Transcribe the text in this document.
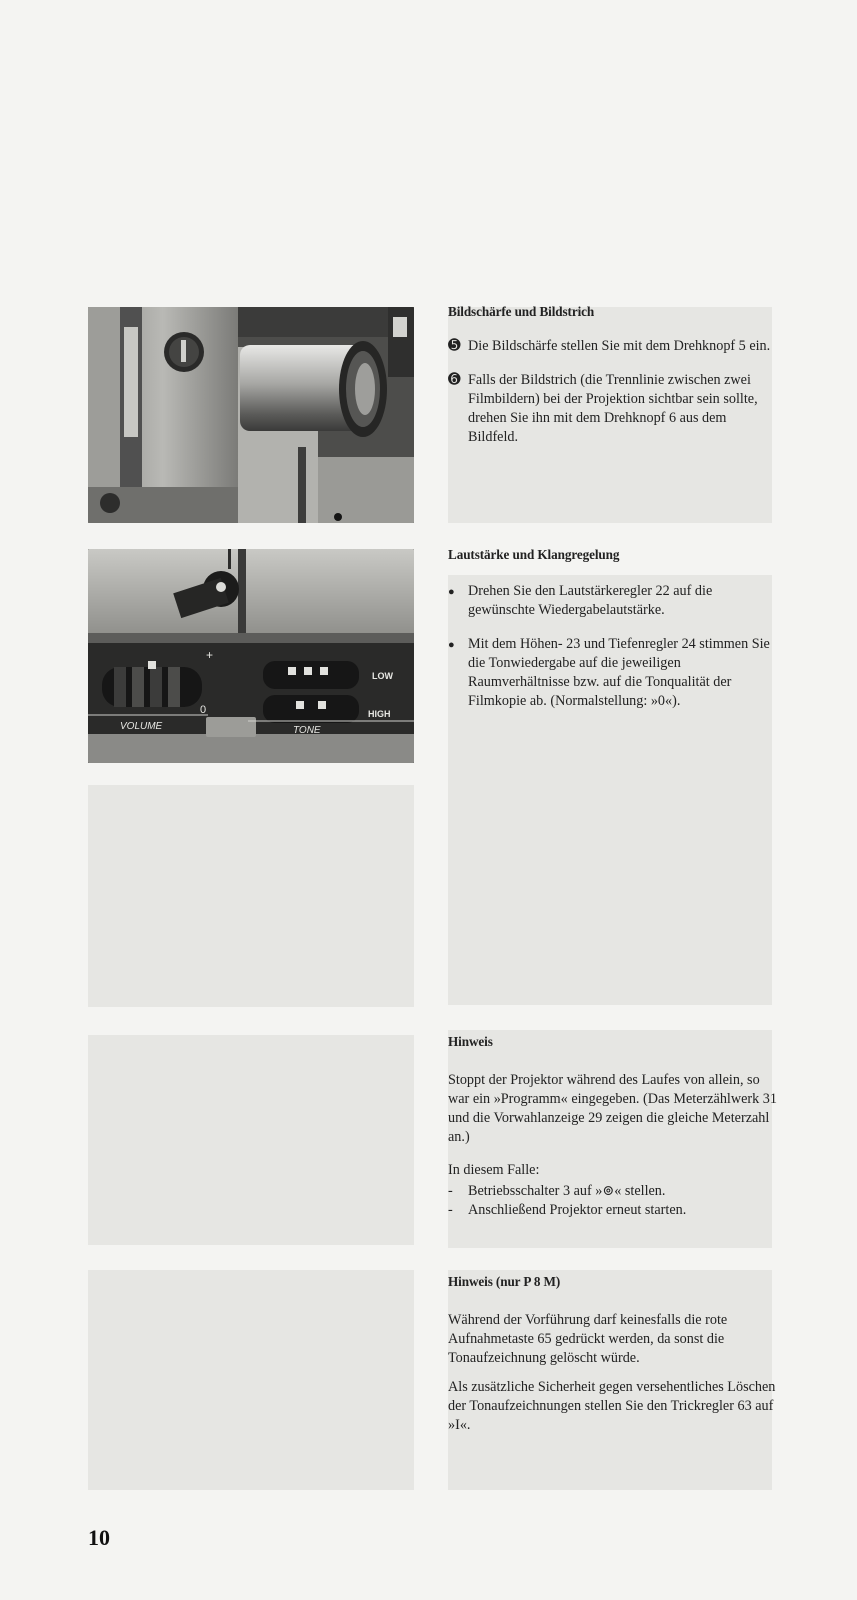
+
0
VOLUME	TONE
LOW
HIGH
Bildschärfe und Bildstrich
➎ Die Bildschärfe stellen Sie mit dem Drehknopf 5 ein.
➏ Falls der Bildstrich (die Trennlinie zwischen zwei Filmbildern) bei der Projektion sichtbar sein sollte, drehen Sie ihn mit dem Drehknopf 6 aus dem Bildfeld.
Lautstärke und Klangregelung
● Drehen Sie den Lautstärkeregler 22 auf die gewünschte Wiedergabelautstärke.
● Mit dem Höhen- 23 und Tiefenregler 24 stimmen Sie die Tonwiedergabe auf die jeweiligen Raumverhältnisse bzw. auf die Tonqualität der Filmkopie ab. (Normalstellung: »0«).
Hinweis
Stoppt der Projektor während des Laufes von allein, so war ein »Programm« eingegeben. (Das Meterzählwerk 31 und die Vorwahlanzeige 29 zeigen die gleiche Meterzahl an.)
In diesem Falle:
- Betriebsschalter 3 auf »⊚« stellen.
- Anschließend Projektor erneut starten.
Hinweis (nur P 8 M)
Während der Vorführung darf keinesfalls die rote Aufnahmetaste 65 gedrückt werden, da sonst die Tonaufzeichnung gelöscht würde.
Als zusätzliche Sicherheit gegen versehentliches Löschen der Tonaufzeichnungen stellen Sie den Trickregler 63 auf »I«.
10
